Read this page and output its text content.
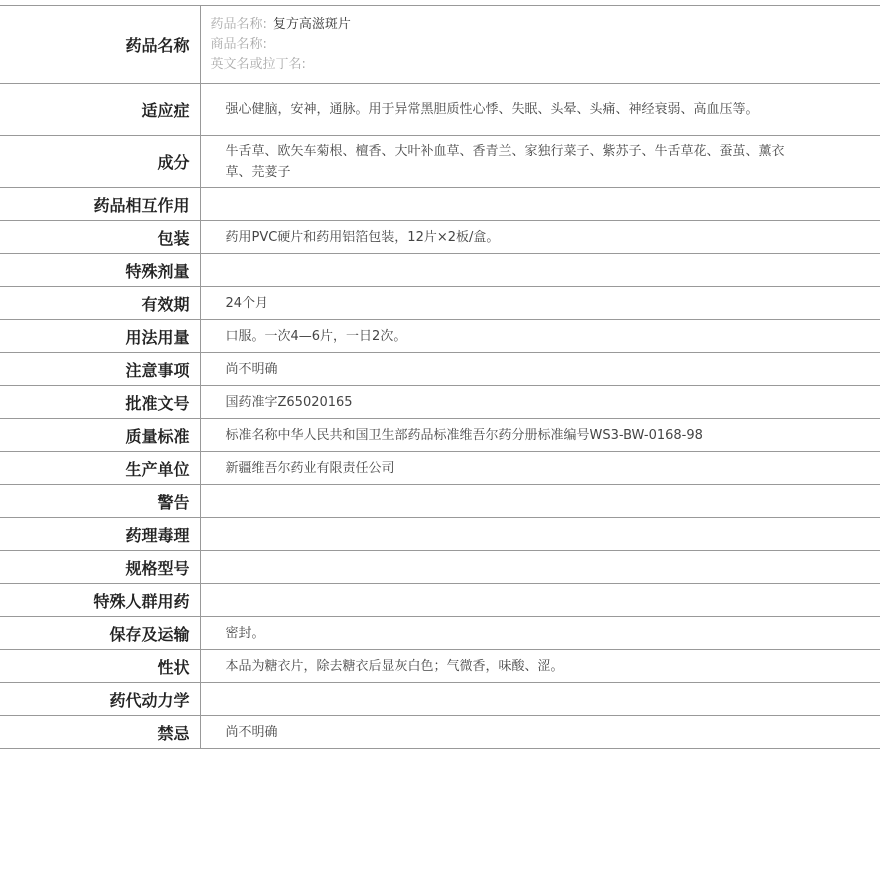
药品名称	药品名称: 复方高滋斑片
商品名称:
英文名或拉丁名:

适应症	强心健脑，安神，通脉。用于异常黑胆质性心悸、失眠、头晕、头痛、神经衰弱、高血压等。
成分	牛舌草、欧矢车菊根、檀香、大叶补血草、香青兰、家独行菜子、紫苏子、牛舌草花、蚕茧、薰衣草、芫荽子
药品相互作用	
包装	药用PVC硬片和药用铝箔包装，12片×2板/盒。
特殊剂量	
有效期	24个月
用法用量	口服。一次4—6片，一日2次。
注意事项	尚不明确
批准文号	国药准字Z65020165
质量标准	标准名称中华人民共和国卫生部药品标准维吾尔药分册标准编号WS3-BW-0168-98
生产单位	新疆维吾尔药业有限责任公司
警告	
药理毒理	
规格型号	
特殊人群用药	
保存及运输	密封。
性状	本品为糖衣片，除去糖衣后显灰白色；气微香，味酸、涩。
药代动力学	
禁忌	尚不明确
